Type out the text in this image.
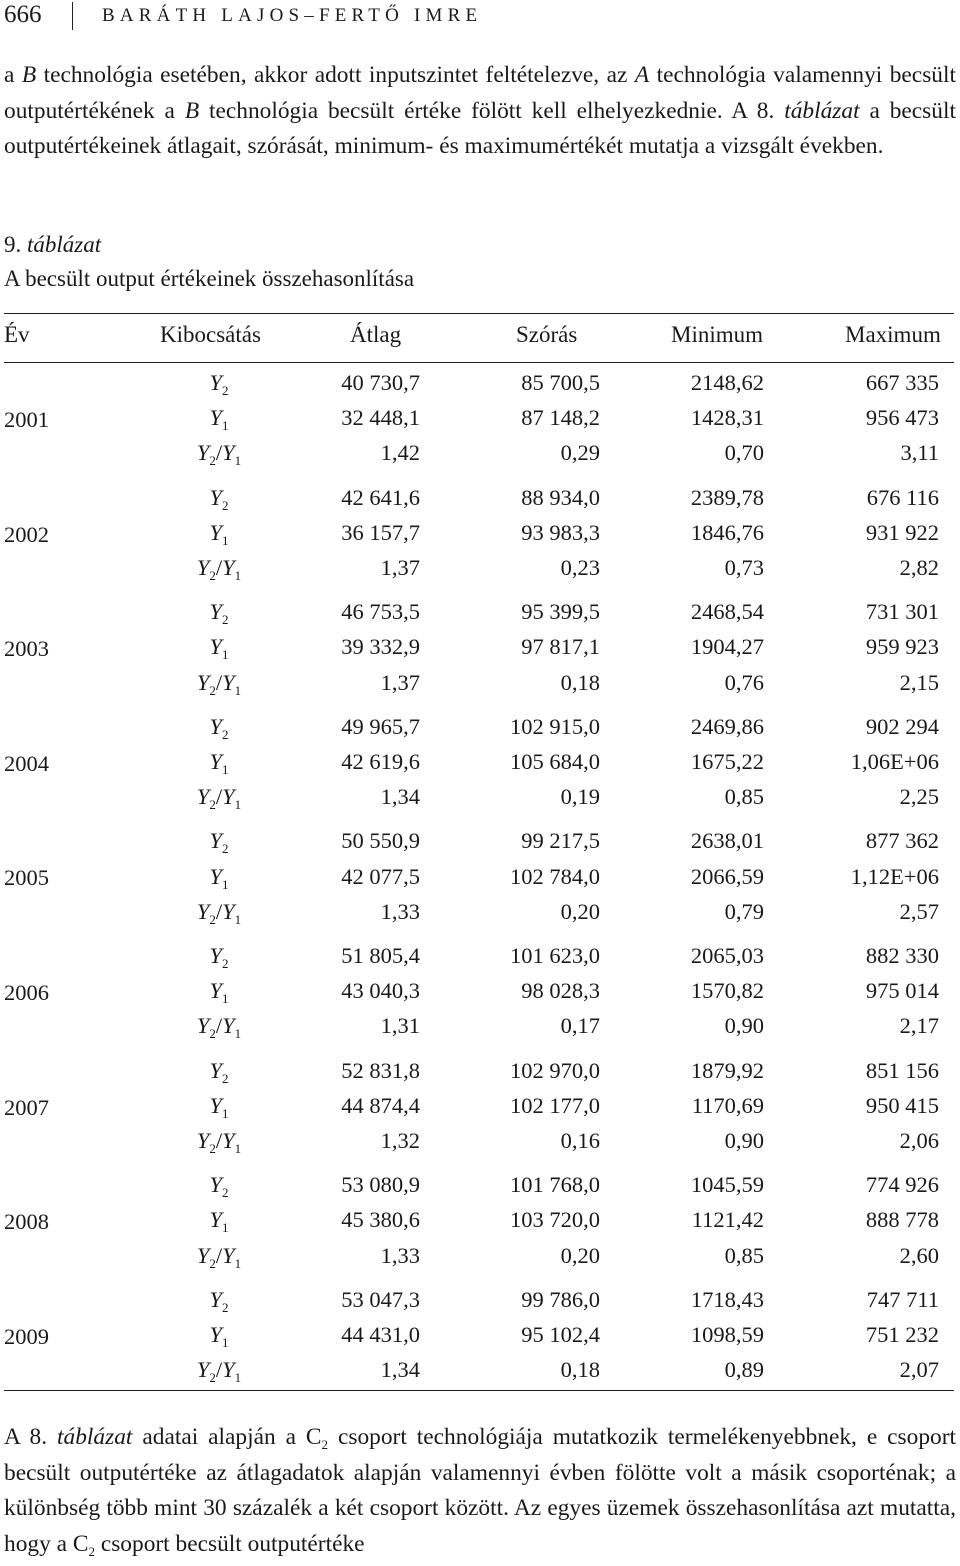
666	BARÁTH LAJOS–FERTŐ IMRE
a B technológia esetében, akkor adott inputszintet feltételezve, az A technológia valamennyi becsült outputértékének a B technológia becsült értéke fölött kell elhelyezkednie. A 8. táblázat a becsült outputértékeinek átlagait, szórását, minimum- és maximumértékét mutatja a vizsgált években.
9. táblázat
A becsült output értékeinek összehasonlítása
Év	Kibocsátás	Átlag	Szórás	Minimum	Maximum
2001
$Y_2$	40 730,7	85 700,5	2148,62	667 335
$Y_1$	32 448,1	87 148,2	1428,31	956 473
$Y_2/Y_1$	1,42	0,29	0,70	3,11
2002
$Y_2$	42 641,6	88 934,0	2389,78	676 116
$Y_1$	36 157,7	93 983,3	1846,76	931 922
$Y_2/Y_1$	1,37	0,23	0,73	2,82
2003
$Y_2$	46 753,5	95 399,5	2468,54	731 301
$Y_1$	39 332,9	97 817,1	1904,27	959 923
$Y_2/Y_1$	1,37	0,18	0,76	2,15
2004
$Y_2$	49 965,7	102 915,0	2469,86	902 294
$Y_1$	42 619,6	105 684,0	1675,22	1,06E+06
$Y_2/Y_1$	1,34	0,19	0,85	2,25
2005
$Y_2$	50 550,9	99 217,5	2638,01	877 362
$Y_1$	42 077,5	102 784,0	2066,59	1,12E+06
$Y_2/Y_1$	1,33	0,20	0,79	2,57
2006
$Y_2$	51 805,4	101 623,0	2065,03	882 330
$Y_1$	43 040,3	98 028,3	1570,82	975 014
$Y_2/Y_1$	1,31	0,17	0,90	2,17
2007
$Y_2$	52 831,8	102 970,0	1879,92	851 156
$Y_1$	44 874,4	102 177,0	1170,69	950 415
$Y_2/Y_1$	1,32	0,16	0,90	2,06
2008
$Y_2$	53 080,9	101 768,0	1045,59	774 926
$Y_1$	45 380,6	103 720,0	1121,42	888 778
$Y_2/Y_1$	1,33	0,20	0,85	2,60
2009
$Y_2$	53 047,3	99 786,0	1718,43	747 711
$Y_1$	44 431,0	95 102,4	1098,59	751 232
$Y_2/Y_1$	1,34	0,18	0,89	2,07
A 8. táblázat adatai alapján a $C_2$ csoport technológiája mutatkozik termelékenyebbnek, e csoport becsült outputértéke az átlagadatok alapján valamennyi évben fölötte volt a másik csoporténak; a különbség több mint 30 százalék a két csoport között. Az egyes üzemek összehasonlítása azt mutatta, hogy a $C_2$ csoport becsült outputértéke
